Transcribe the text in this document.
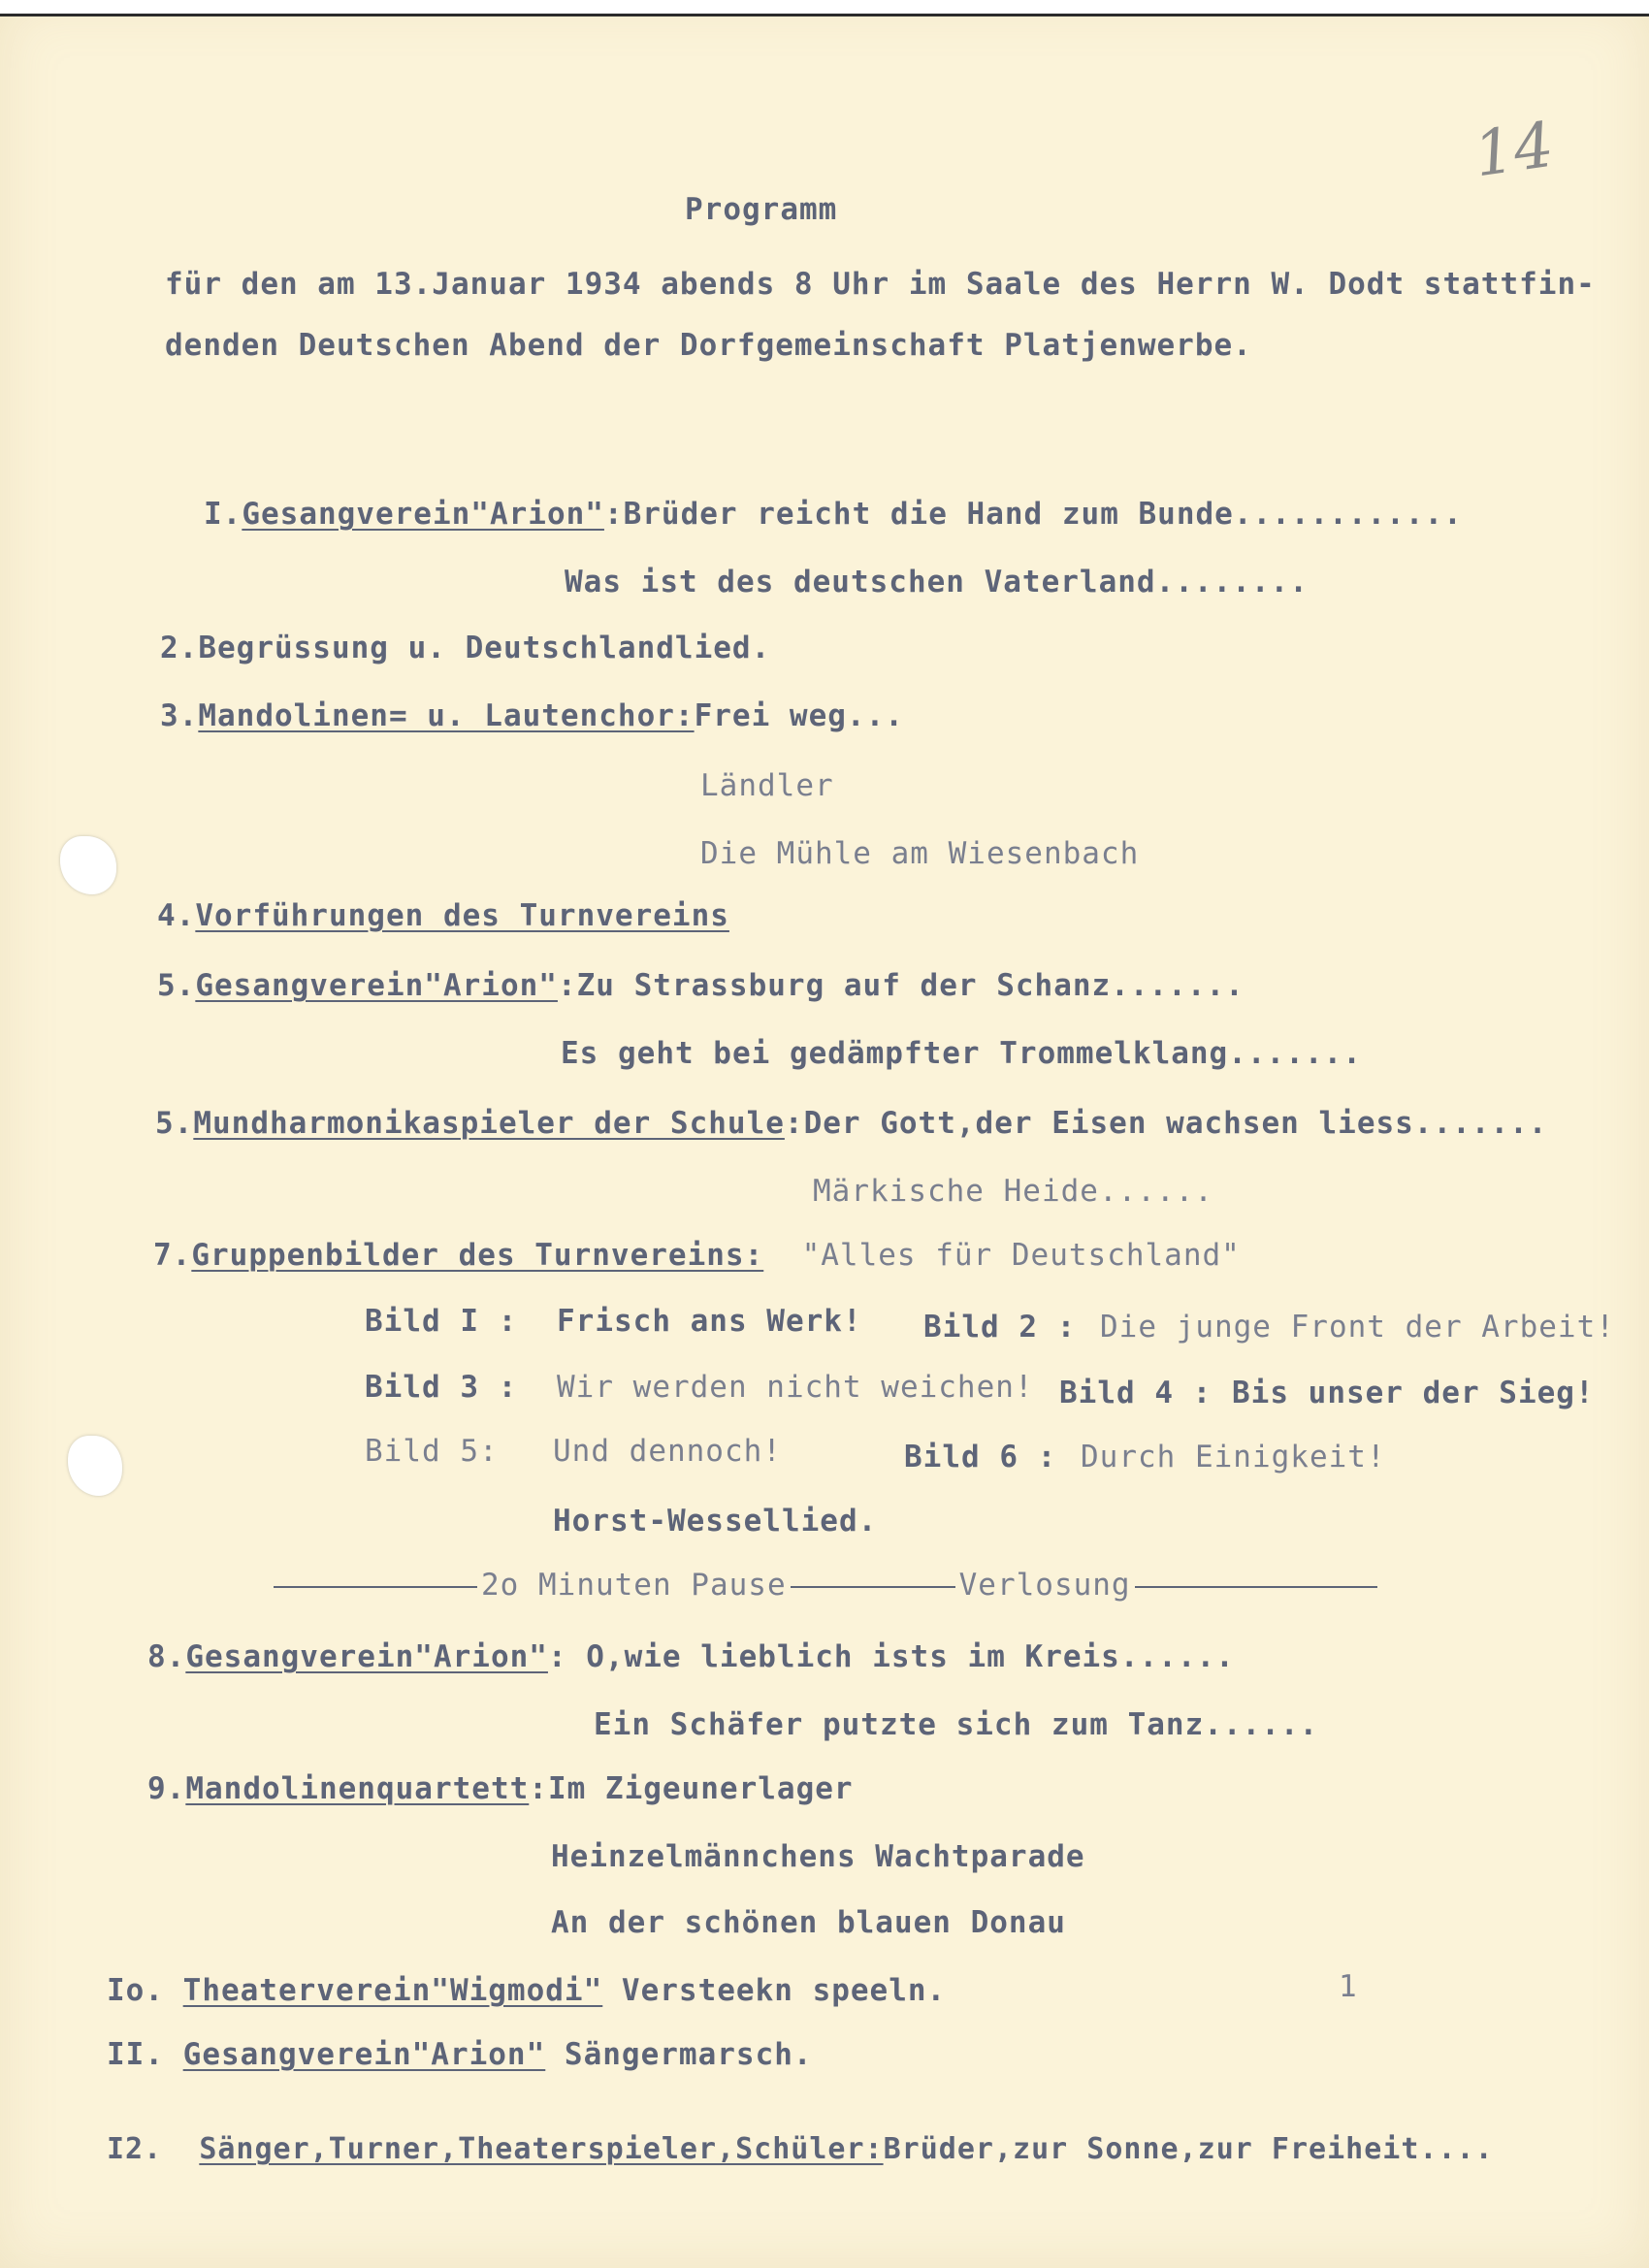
14
Programm
für den am 13.Januar 1934 abends 8 Uhr im Saale des Herrn W. Dodt stattfin-
denden Deutschen Abend der Dorfgemeinschaft Platjenwerbe.
I.Gesangverein"Arion":Brüder reicht die Hand zum Bunde............
Was ist des deutschen Vaterland........
2.Begrüssung u. Deutschlandlied.
3.Mandolinen= u. Lautenchor:Frei weg...
Ländler
Die Mühle am Wiesenbach
4.Vorführungen des Turnvereins
5.Gesangverein"Arion":Zu Strassburg auf der Schanz.......
Es geht bei gedämpfter Trommelklang.......
5.Mundharmonikaspieler der Schule:Der Gott,der Eisen wachsen liess.......
Märkische Heide......
7.Gruppenbilder des Turnvereins:  "Alles für Deutschland"
Bild I : Frisch ans Werk! Bild 2 : Die junge Front der Arbeit!
Bild 3 : Wir werden nicht weichen! Bild 4 : Bis unser der Sieg!
Bild 5: Und dennoch!	Bild 6 : Durch Einigkeit!
Horst-Wessellied.
2o Minuten Pause	Verlosung
8.Gesangverein"Arion": O,wie lieblich ists im Kreis......
Ein Schäfer putzte sich zum Tanz......
9.Mandolinenquartett:Im Zigeunerlager
Heinzelmännchens Wachtparade
An der schönen blauen Donau
Io. Theaterverein"Wigmodi" Versteekn speeln.	1
II. Gesangverein"Arion" Sängermarsch.
I2.  Sänger,Turner,Theaterspieler,Schüler:Brüder,zur Sonne,zur Freiheit....
